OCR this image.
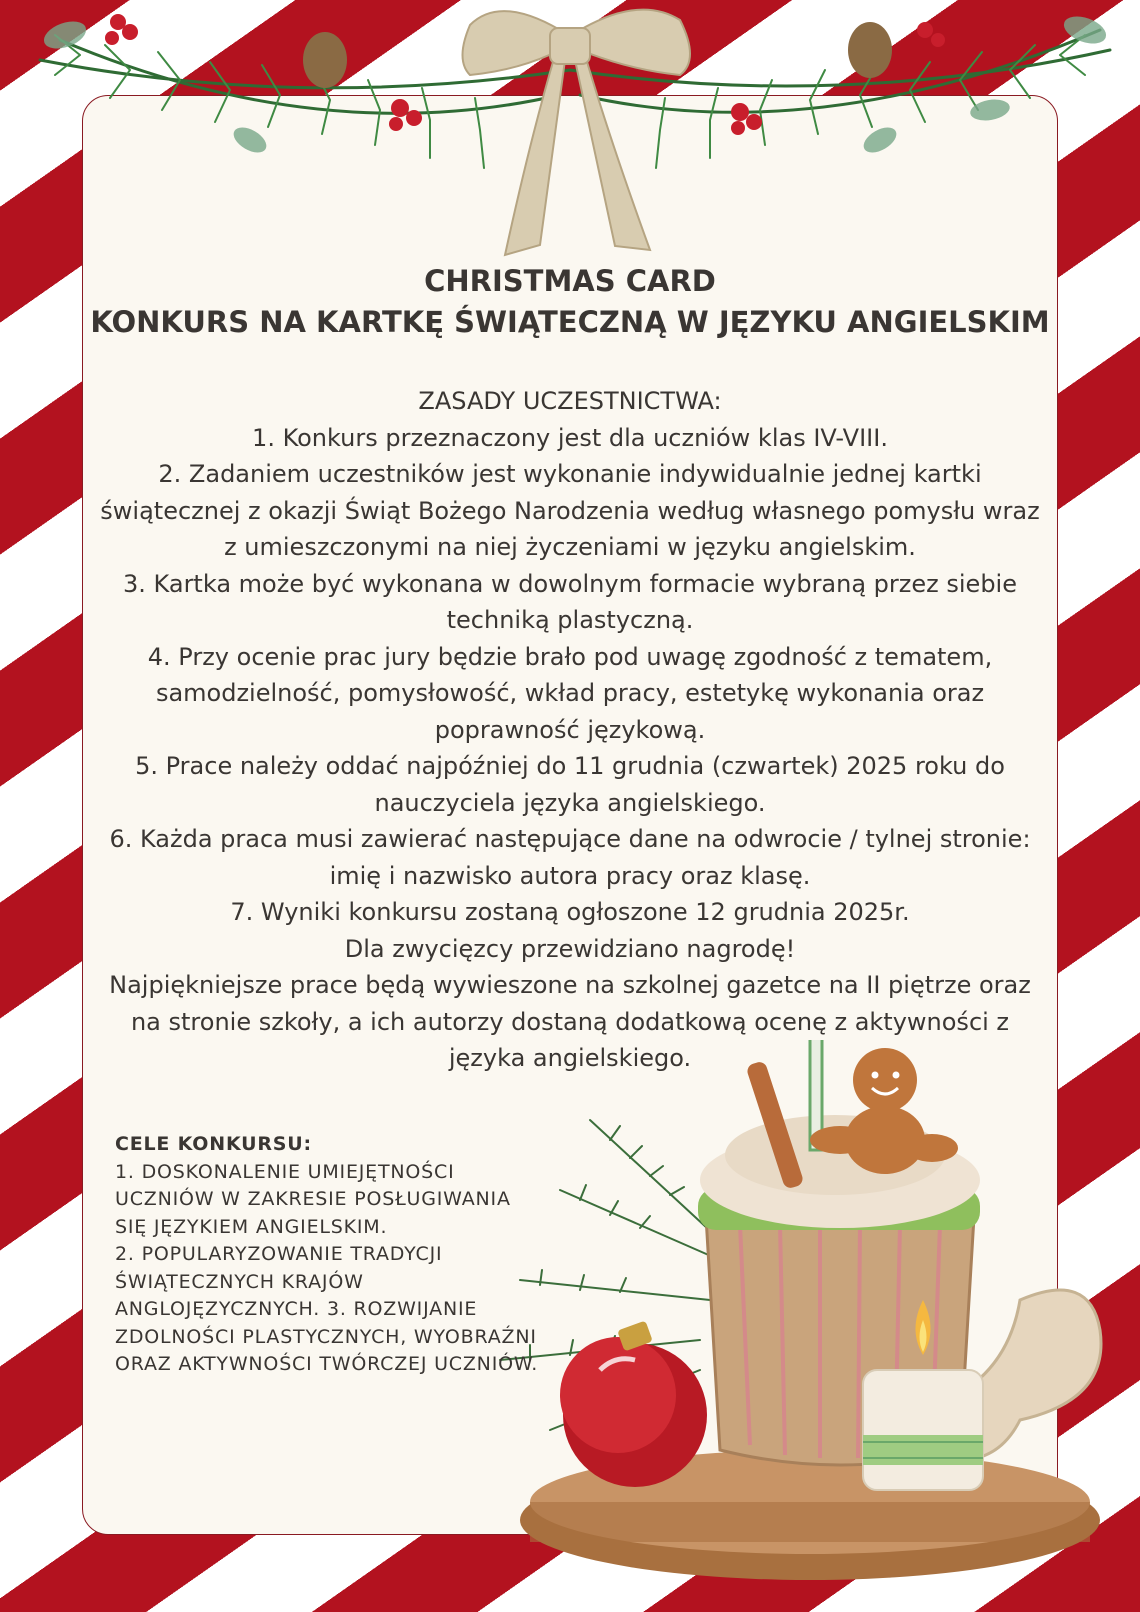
CHRISTMAS CARD
KONKURS NA KARTKĘ ŚWIĄTECZNĄ W JĘZYKU ANGIELSKIM

ZASADY UCZESTNICTWA:

1. Konkurs przeznaczony jest dla uczniów klas IV-VIII.

2. Zadaniem uczestników jest wykonanie indywidualnie jednej kartki świątecznej z okazji Świąt Bożego Narodzenia według własnego pomysłu wraz z umieszczonymi na niej życzeniami w języku angielskim.

3. Kartka może być wykonana w dowolnym formacie wybraną przez siebie techniką plastyczną.

4. Przy ocenie prac jury będzie brało pod uwagę zgodność z tematem, samodzielność, pomysłowość, wkład pracy, estetykę wykonania oraz poprawność językową.

5. Prace należy oddać najpóźniej do 11 grudnia (czwartek) 2025 roku do nauczyciela języka angielskiego.

6. Każda praca musi zawierać następujące dane na odwrocie / tylnej stronie: imię i nazwisko autora pracy oraz klasę.

7. Wyniki konkursu zostaną ogłoszone 12 grudnia 2025r.

Dla zwycięzcy przewidziano nagrodę!

Najpiękniejsze prace będą wywieszone na szkolnej gazetce na II piętrze oraz na stronie szkoły, a ich autorzy dostaną dodatkową ocenę z aktywności z języka angielskiego.

CELE KONKURSU:
1. DOSKONALENIE UMIEJĘTNOŚCI UCZNIÓW W ZAKRESIE POSŁUGIWANIA SIĘ JĘZYKIEM ANGIELSKIM.
2. POPULARYZOWANIE TRADYCJI ŚWIĄTECZNYCH KRAJÓW ANGLOJĘZYCZNYCH. 3. ROZWIJANIE ZDOLNOŚCI PLASTYCZNYCH, WYOBRAŹNI ORAZ AKTYWNOŚCI TWÓRCZEJ UCZNIÓW.
